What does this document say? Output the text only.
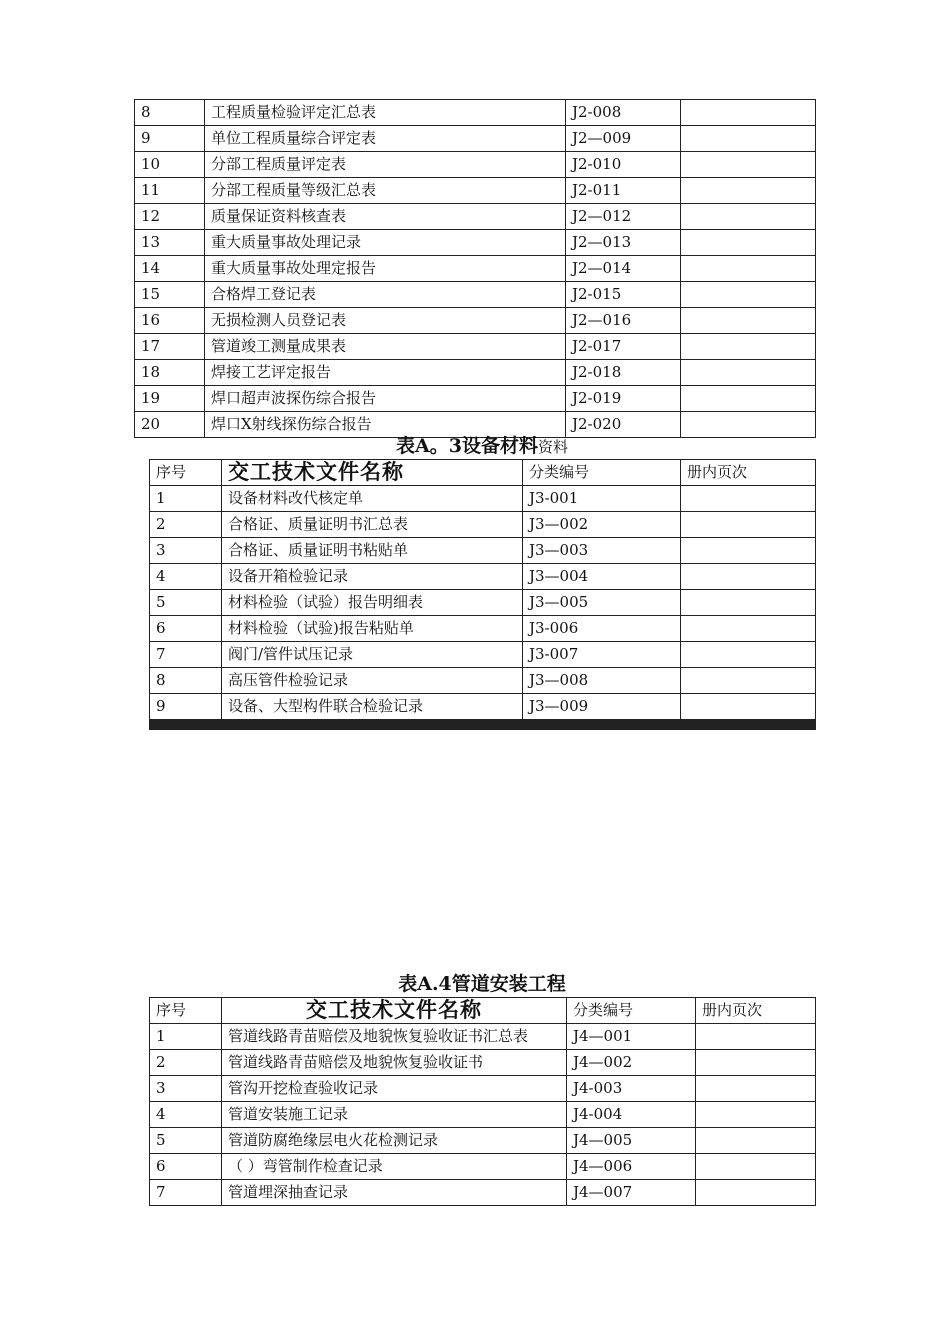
8	工程质量检验评定汇总表	J2-008	
9	单位工程质量综合评定表	J2—009	
10	分部工程质量评定表	J2-010	
11	分部工程质量等级汇总表	J2-011	
12	质量保证资料核查表	J2—012	
13	重大质量事故处理记录	J2—013	
14	重大质量事故处理定报告	J2—014	
15	合格焊工登记表	J2-015	
16	无损检测人员登记表	J2—016	
17	管道竣工测量成果表	J2-017	
18	焊接工艺评定报告	J2-018	
19	焊口超声波探伤综合报告	J2-019	
20	焊口X射线探伤综合报告	J2-020	
表A。3设备材料资料
序号	交工技术文件名称	分类编号	册内页次
1	设备材料改代核定单	J3-001	
2	合格证、质量证明书汇总表	J3—002	
3	合格证、质量证明书粘贴单	J3—003	
4	设备开箱检验记录	J3—004	
5	材料检验（试验）报告明细表	J3—005	
6	材料检验（试验)报告粘贴单	J3-006	
7	阀门/管件试压记录	J3-007	
8	高压管件检验记录	J3—008	
9	设备、大型构件联合检验记录	J3—009	

表A.4管道安装工程
序号	交工技术文件名称	分类编号	册内页次
1	管道线路青苗赔偿及地貌恢复验收证书汇总表	J4—001	
2	管道线路青苗赔偿及地貌恢复验收证书	J4—002	
3	管沟开挖检查验收记录	J4-003	
4	管道安装施工记录	J4-004	
5	管道防腐绝缘层电火花检测记录	J4—005	
6	（ ）弯管制作检查记录	J4—006	
7	管道埋深抽查记录	J4—007	
